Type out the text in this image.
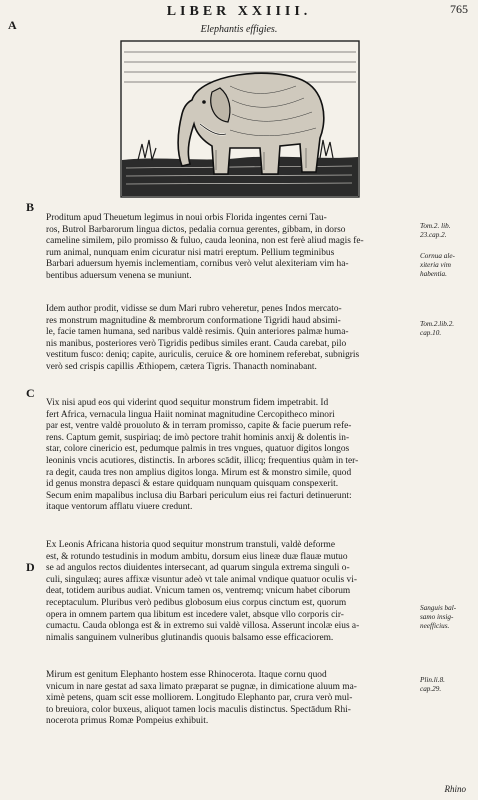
A
LIBER XXIIII.	765
Elephantis effigies.
B
C
D
Proditum apud Theuetum legimus in noui orbis Florida ingentes cerni Tau-
ros, Butrol Barbarorum lingua dictos, pedalia cornua gerentes, gibbam, in dorso
cameline similem, pilo promisso & fuluo, cauda leonina, non est ferè aliud magis fe-
rum animal, nunquam enim cicuratur nisi matri ereptum. Pellium tegminibus
Barbari aduersum hyemis inclementiam, cornibus verò velut alexiteriam vim ha-
bentibus aduersum venena se muniunt.
Idem author prodit, vidisse se dum Mari rubro veheretur, penes Indos mercato-
res monstrum magnitudine & membrorum conformatione Tigridi haud absimi-
le, facie tamen humana, sed naribus valdè resimis. Quin anteriores palmæ huma-
nis manibus, posteriores verò Tigridis pedibus similes erant. Cauda carebat, pilo
vestitum fusco: deniq; capite, auriculis, ceruice & ore hominem referebat, subnigris
verò sed crispis capillis Æthiopem, cætera Tigris. Thanacth nominabant.
Vix nisi apud eos qui viderint quod sequitur monstrum fidem impetrabit. Id
fert Africa, vernacula lingua Haiit nominat magnitudine Cercopitheco minori
par est, ventre valdè prouoluto & in terram promisso, capite & facie puerum refe-
rens. Captum gemit, suspiriaq; de imò pectore trahit hominis anxij & dolentis in-
star, colore cinericio est, pedumque palmis in tres vngues, quatuor digitos longos
leoninis vncis acutiores, distinctis. In arbores scādit, illicq; frequentius quàm in ter-
ra degit, cauda tres non amplius digitos longa. Mirum est & monstro simile, quod
id genus monstra depasci & estare quidquam nunquam quisquam conspexerit.
Secum enim mapalibus inclusa diu Barbari periculum eius rei facturi detinuerunt:
itaque ventorum afflatu viuere credunt.
Ex Leonis Africana historia quod sequitur monstrum transtuli, valdè deforme
est, & rotundo testudinis in modum ambitu, dorsum eius lineæ duæ flauæ mutuo
se ad angulos rectos diuidentes intersecant, ad quarum singula extrema singuli o-
culi, singulæq; aures affixæ visuntur adeò vt tale animal vndique quatuor oculis vi-
deat, totidem auribus audiat. Vnicum tamen os, ventremq; vnicum habet ciborum
receptaculum. Pluribus verò pedibus globosum eius corpus cinctum est, quorum
opera in omnem partem qua libitum est incedere valet, absque vllo corporis cir-
cumactu. Cauda oblonga est & in extremo sui valdè villosa. Asserunt incolæ eius a-
nimalis sanguinem vulneribus glutinandis quouis balsamo esse efficaciorem.
Mirum est genitum Elephanto hostem esse Rhinocerota. Itaque cornu quod
vnicum in nare gestat ad saxa limato præparat se pugnæ, in dimicatione aluum ma-
ximè petens, quam scit esse molliorem. Longitudo Elephanto par, crura verò mul-
to breuiora, color buxeus, aliquot tamen locis maculis distinctus. Spectādum Rhi-
nocerota primus Romæ Pompeius exhibuit.
Tom.2. lib.
23.cap.2.
Cornua ale-
xiteria vim
habentia.
Tom.2.lib.2.
cap.10.
Sanguis bal-
samo insig-
neefficius.
Plin.li.8.
cap.29.
Rhino
